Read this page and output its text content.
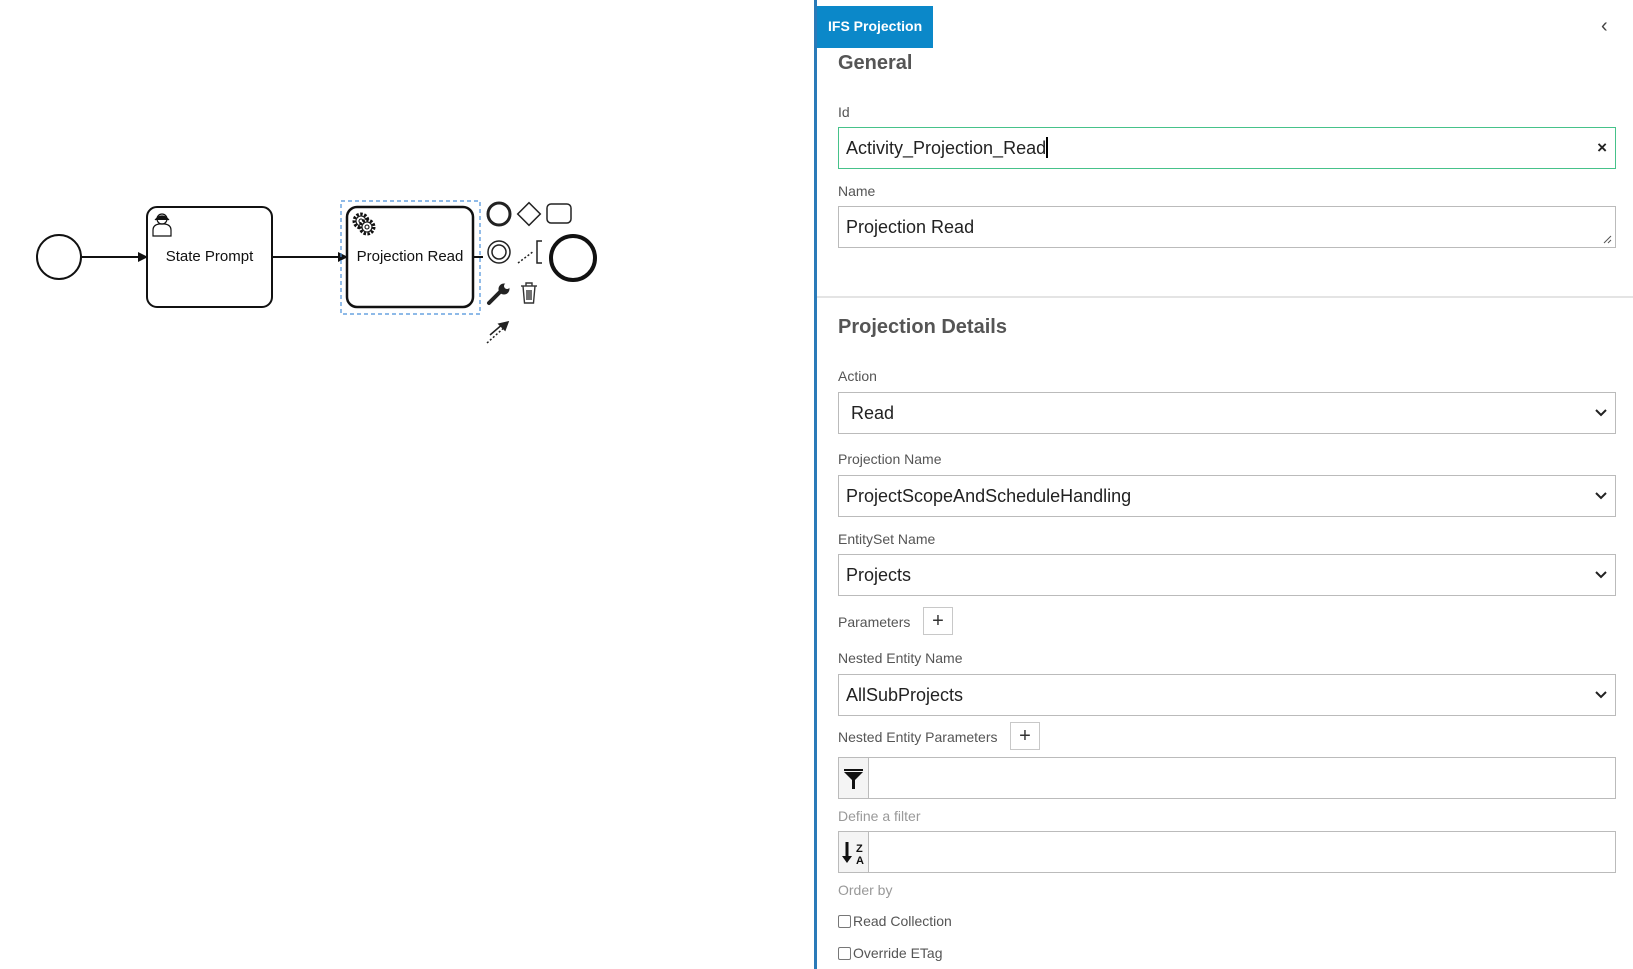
State Prompt	Projection Read
IFS Projection	‹
General
Id
Activity_Projection_Read	×
Name
Projection Read
Projection Details
Action
Read
Projection Name
ProjectScopeAndScheduleHandling
EntitySet Name
Projects
Parameters	+
Nested Entity Name
AllSubProjects
Nested Entity Parameters	+
Define a filter
Z
A
Order by
Read Collection
Override ETag
